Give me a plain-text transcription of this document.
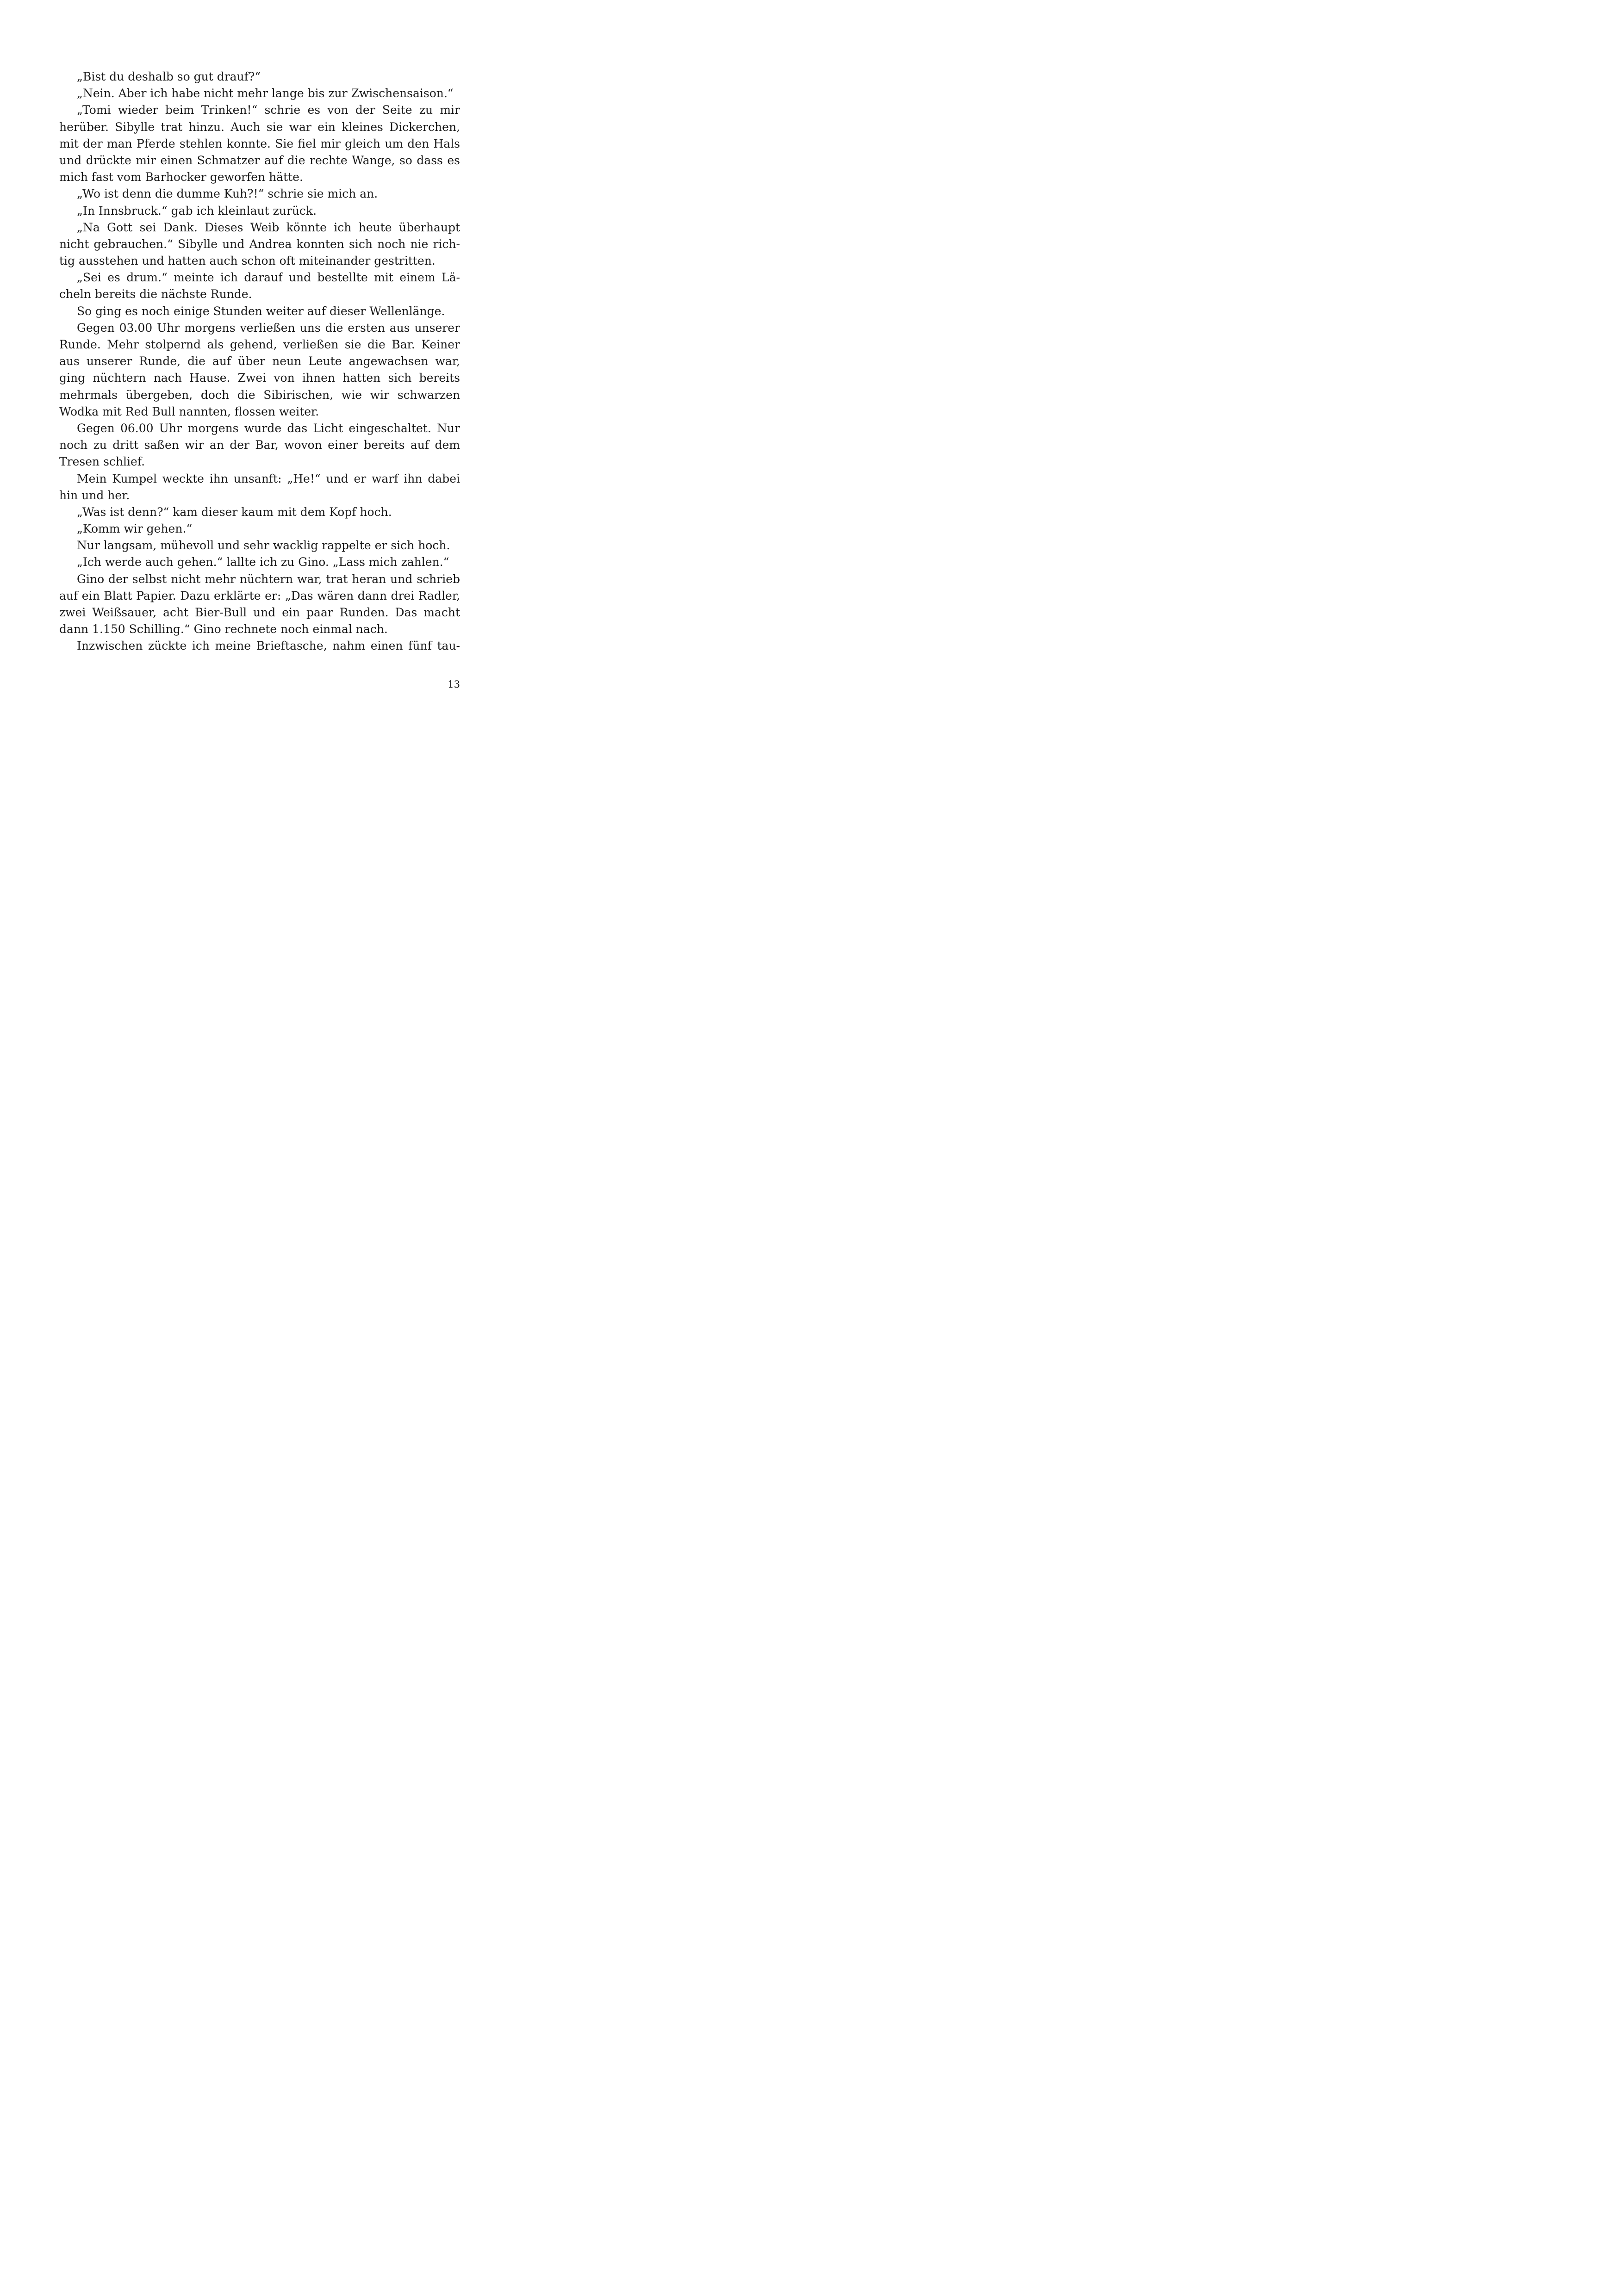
„Bist du deshalb so gut drauf?“
„Nein. Aber ich habe nicht mehr lange bis zur Zwischensaison.“
„Tomi wieder beim Trinken!“ schrie es von der Seite zu mir
herüber. Sibylle trat hinzu. Auch sie war ein kleines Dickerchen,
mit der man Pferde stehlen konnte. Sie fiel mir gleich um den Hals
und drückte mir einen Schmatzer auf die rechte Wange, so dass es
mich fast vom Barhocker geworfen hätte.
„Wo ist denn die dumme Kuh?!“ schrie sie mich an.
„In Innsbruck.“ gab ich kleinlaut zurück.
„Na Gott sei Dank. Dieses Weib könnte ich heute überhaupt
nicht gebrauchen.“ Sibylle und Andrea konnten sich noch nie rich-
tig ausstehen und hatten auch schon oft miteinander gestritten.
„Sei es drum.“ meinte ich darauf und bestellte mit einem Lä-
cheln bereits die nächste Runde.
So ging es noch einige Stunden weiter auf dieser Wellenlänge.
Gegen 03.00 Uhr morgens verließen uns die ersten aus unserer
Runde. Mehr stolpernd als gehend, verließen sie die Bar. Keiner
aus unserer Runde, die auf über neun Leute angewachsen war,
ging nüchtern nach Hause. Zwei von ihnen hatten sich bereits
mehrmals übergeben, doch die Sibirischen, wie wir schwarzen
Wodka mit Red Bull nannten, flossen weiter.
Gegen 06.00 Uhr morgens wurde das Licht eingeschaltet. Nur
noch zu dritt saßen wir an der Bar, wovon einer bereits auf dem
Tresen schlief.
Mein Kumpel weckte ihn unsanft: „He!“ und er warf ihn dabei
hin und her.
„Was ist denn?“ kam dieser kaum mit dem Kopf hoch.
„Komm wir gehen.“
Nur langsam, mühevoll und sehr wacklig rappelte er sich hoch.
„Ich werde auch gehen.“ lallte ich zu Gino. „Lass mich zahlen.“
Gino der selbst nicht mehr nüchtern war, trat heran und schrieb
auf ein Blatt Papier. Dazu erklärte er: „Das wären dann drei Radler,
zwei Weißsauer, acht Bier-Bull und ein paar Runden. Das macht
dann 1.150 Schilling.“ Gino rechnete noch einmal nach.
Inzwischen zückte ich meine Brieftasche, nahm einen fünf tau-
13
